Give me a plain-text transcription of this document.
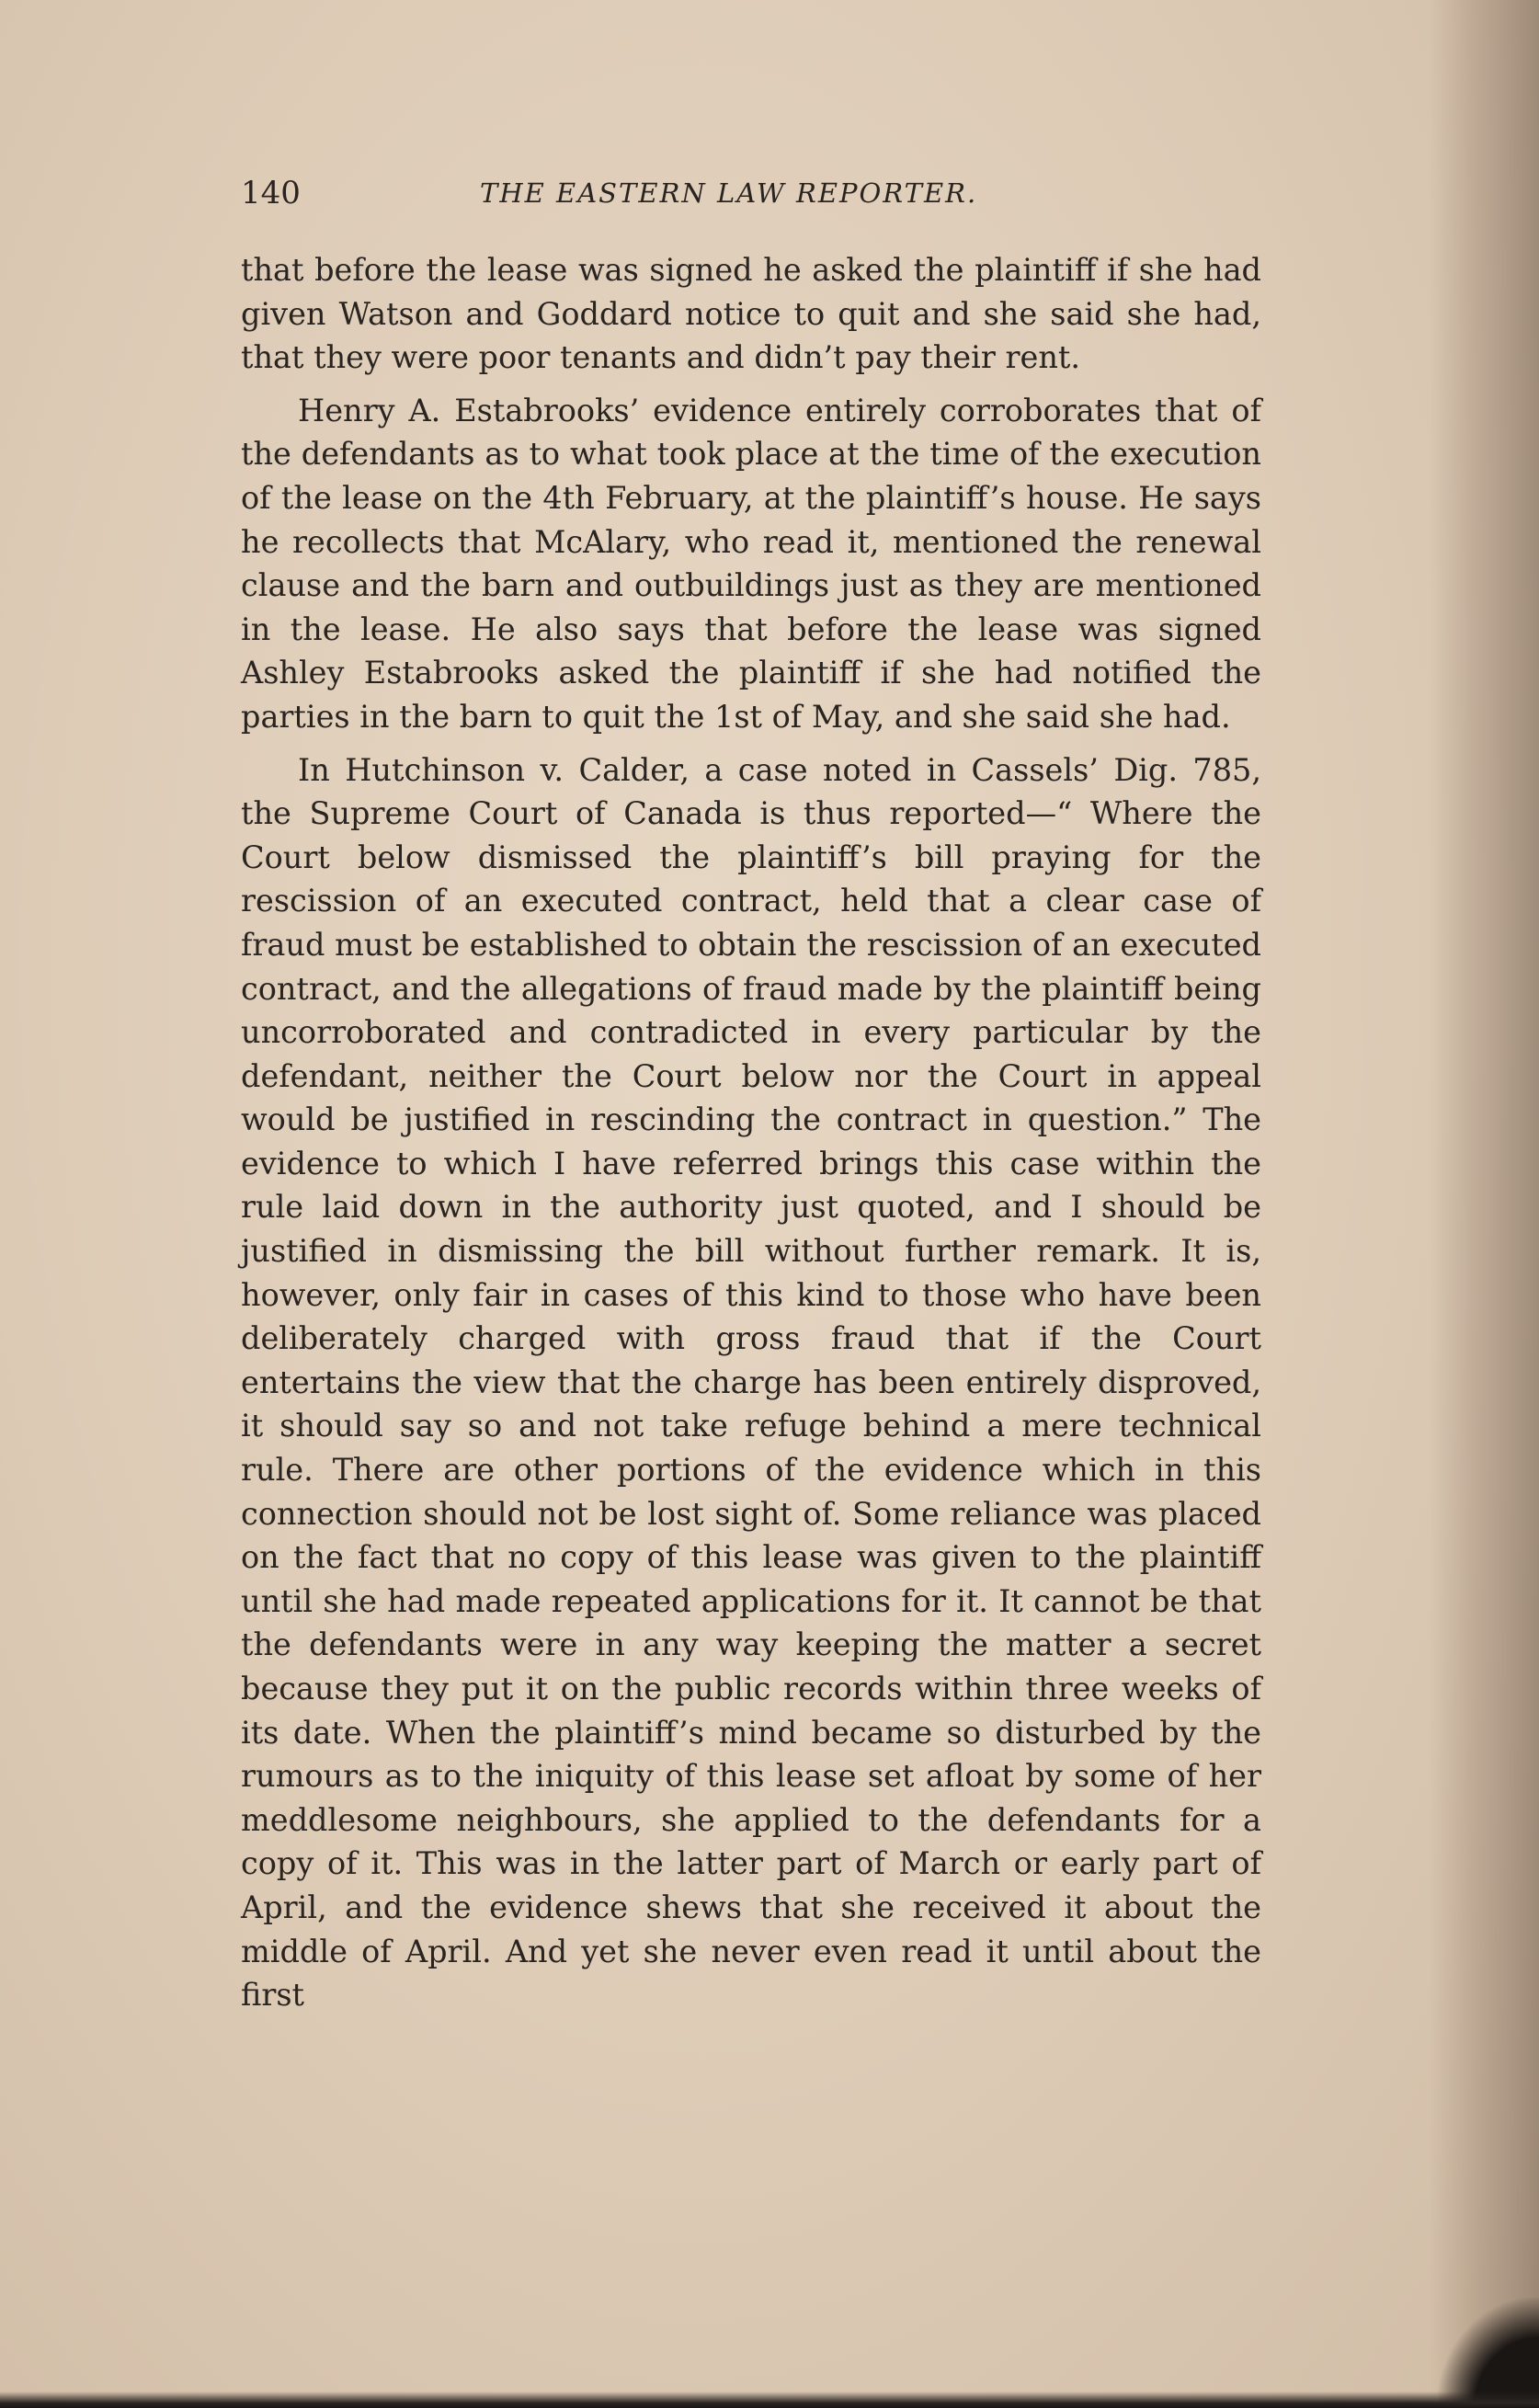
140	THE EASTERN LAW REPORTER.

that before the lease was signed he asked the plaintiff if she had given Watson and Goddard notice to quit and she said she had, that they were poor tenants and didn’t pay their rent.

Henry A. Estabrooks’ evidence entirely corroborates that of the defendants as to what took place at the time of the execution of the lease on the 4th February, at the plaintiff’s house. He says he recollects that McAlary, who read it, mentioned the renewal clause and the barn and outbuildings just as they are mentioned in the lease. He also says that before the lease was signed Ashley Estabrooks asked the plaintiff if she had notified the parties in the barn to quit the 1st of May, and she said she had.

In Hutchinson v. Calder, a case noted in Cassels’ Dig. 785, the Supreme Court of Canada is thus reported—“ Where the Court below dismissed the plaintiff’s bill praying for the rescission of an executed contract, held that a clear case of fraud must be established to obtain the rescission of an executed contract, and the allegations of fraud made by the plaintiff being uncorroborated and contradicted in every particular by the defendant, neither the Court below nor the Court in appeal would be justified in rescinding the contract in question.” The evidence to which I have referred brings this case within the rule laid down in the authority just quoted, and I should be justified in dismissing the bill without further remark. It is, however, only fair in cases of this kind to those who have been deliberately charged with gross fraud that if the Court entertains the view that the charge has been entirely disproved, it should say so and not take refuge behind a mere technical rule. There are other portions of the evidence which in this connection should not be lost sight of. Some reliance was placed on the fact that no copy of this lease was given to the plaintiff until she had made repeated applications for it. It cannot be that the defendants were in any way keeping the matter a secret because they put it on the public records within three weeks of its date. When the plaintiff’s mind became so disturbed by the rumours as to the iniquity of this lease set afloat by some of her meddlesome neighbours, she applied to the defendants for a copy of it. This was in the latter part of March or early part of April, and the evidence shews that she received it about the middle of April. And yet she never even read it until about the first
